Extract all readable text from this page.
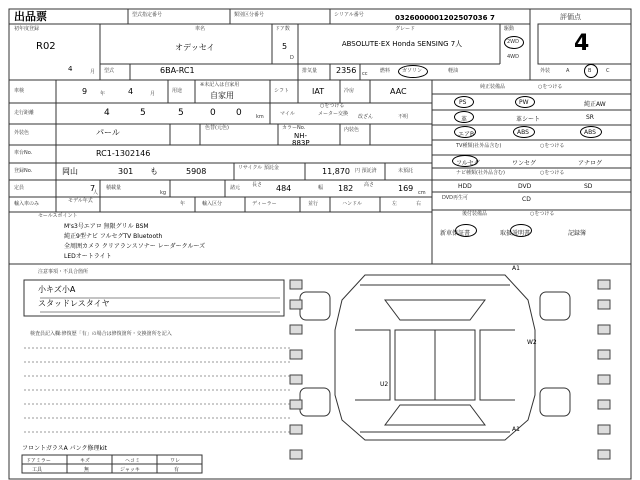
出品票	型式指定番号	類別区分番号	シリアル番号	0326000001202507036 7	評価点
4
初年度登録
R02
4	月
車名
オデッセイ
ドア数
5
D
グレード
ABSOLUTE·EX Honda SENSING 7人
駆動
2WD
4WD
型式	6BA-RC1	排気量 2356 cc	燃料 ガソリン	軽油	外装	A	B	C
車検	9	年	4	月	用途
※未記入は自家用
自家用	シフト	IAT	冷房	AAC
走行距離	4	5	5	0 0	km
○をつける
マイル	メーター交換 改ざん	不明
外装色	パール	色替(元色)	カラーNo.
NH-
883P
内装色
車台No.	RC1-1302146
登録No.	岡山	301 も	5908	リサイクル 預託金	11,870 円 預託済	未預託
定員	7
人
積載量
kg
諸元 長さ 484	幅 182 高さ	169 cm
輸入車のみ	モデル年式	年	輸入区分	ディーラー	並行	ハンドル	左	右
セールスポイント
M's3号エアロ 無限グリル BSM
純正9型ナビ フルセグTV Bluetooth
全周囲カメラ クリアランスソナー レーダークルーズ
LEDオートライト
純正装備品	○をつける
PS	PW	純正AW
革	革シート	SR
エアB	ABS	ABS
TV種類(社外品含む)	○をつける
フルセグ	ワンセグ	アナログ
ナビ種類(社外品含む)	○をつける
HDD	DVD	SD
DVD再生可	CD
後付装備品	○をつける
新車保証書	取扱説明書	記録簿
注意事項・不具合箇所
小キズ小A
スタッドレスタイヤ
検査員記入欄:修復歴「有」の場合は修復箇所・交換箇所を記入
A1
W2
U2
A1
フロントガラスA パンク修理kit
ドアミラー	キズ	ヘコミ	ワレ
工具	無	ジャッキ	有
